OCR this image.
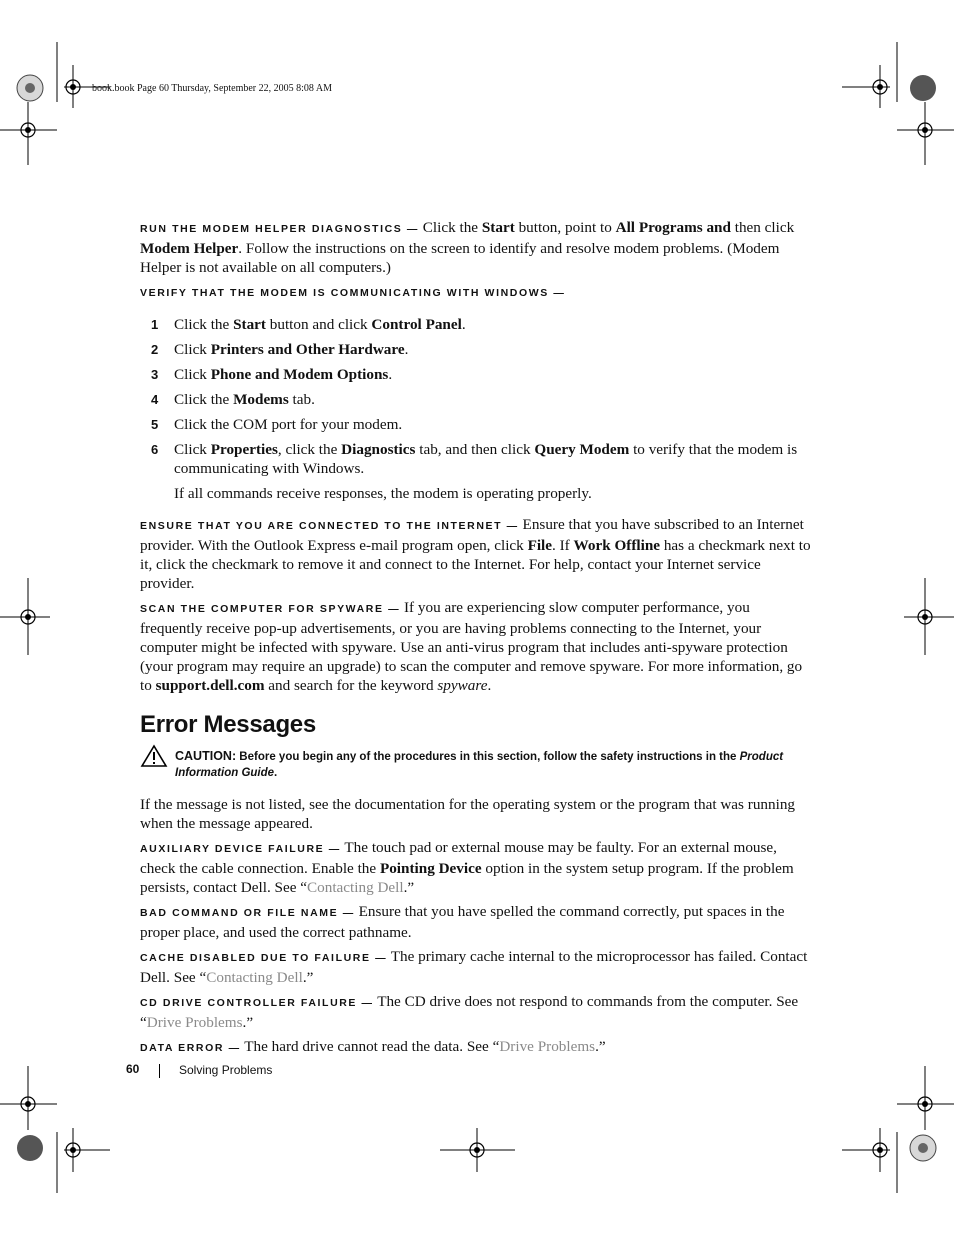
book.book Page 60 Thursday, September 22, 2005 8:08 AM

RUN THE MODEM HELPER DIAGNOSTICS — Click the Start button, point to All Programs and then click Modem Helper. Follow the instructions on the screen to identify and resolve modem problems. (Modem Helper is not available on all computers.)

VERIFY THAT THE MODEM IS COMMUNICATING WITH WINDOWS —

1 Click the Start button and click Control Panel.
2 Click Printers and Other Hardware.
3 Click Phone and Modem Options.
4 Click the Modems tab.
5 Click the COM port for your modem.
6 Click Properties, click the Diagnostics tab, and then click Query Modem to verify that the modem is communicating with Windows.

If all commands receive responses, the modem is operating properly.

ENSURE THAT YOU ARE CONNECTED TO THE INTERNET — Ensure that you have subscribed to an Internet provider. With the Outlook Express e-mail program open, click File. If Work Offline has a checkmark next to it, click the checkmark to remove it and connect to the Internet. For help, contact your Internet service provider.

SCAN THE COMPUTER FOR SPYWARE — If you are experiencing slow computer performance, you frequently receive pop-up advertisements, or you are having problems connecting to the Internet, your computer might be infected with spyware. Use an anti-virus program that includes anti-spyware protection (your program may require an upgrade) to scan the computer and remove spyware. For more information, go to support.dell.com and search for the keyword spyware.

Error Messages
CAUTION: Before you begin any of the procedures in this section, follow the safety instructions in the Product Information Guide.

If the message is not listed, see the documentation for the operating system or the program that was running when the message appeared.

AUXILIARY DEVICE FAILURE — The touch pad or external mouse may be faulty. For an external mouse, check the cable connection. Enable the Pointing Device option in the system setup program. If the problem persists, contact Dell. See “Contacting Dell.”

BAD COMMAND OR FILE NAME — Ensure that you have spelled the command correctly, put spaces in the proper place, and used the correct pathname.

CACHE DISABLED DUE TO FAILURE — The primary cache internal to the microprocessor has failed. Contact Dell. See “Contacting Dell.”

CD DRIVE CONTROLLER FAILURE — The CD drive does not respond to commands from the computer. See “Drive Problems.”

DATA ERROR — The hard drive cannot read the data. See “Drive Problems.”

60	Solving Problems
